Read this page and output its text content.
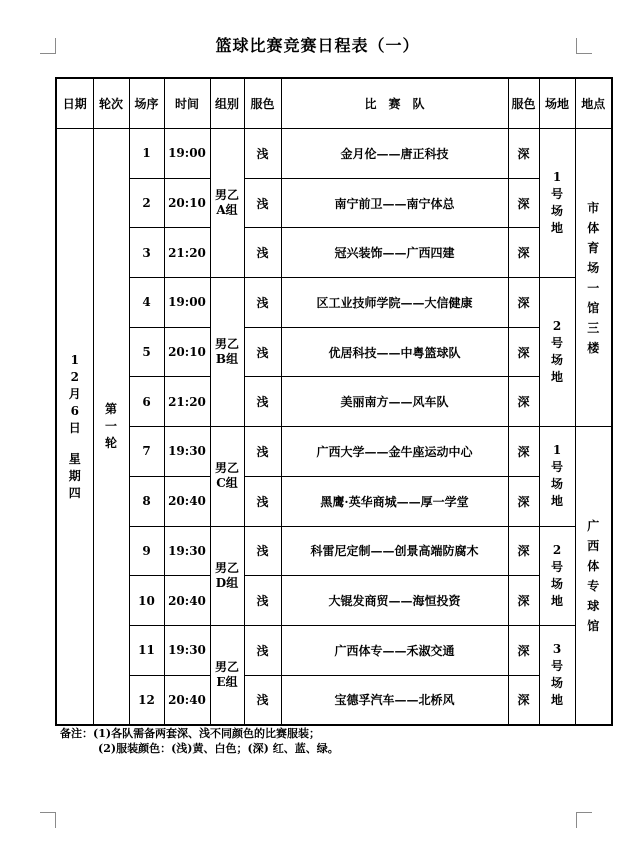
篮球比赛竞赛日程表（一）
日期	轮次	场序	时间	组别	服色	比　赛　队	服色	场地	地点
12月6日

星期四	第一轮	1	19:00	男乙A组	浅	金月伦——唐正科技	深	1号场地	市体育场一馆三楼
		2	20:10		浅	南宁前卫——南宁体总	深		
		3	21:20		浅	冠兴装饰——广西四建	深		
		4	19:00	男乙B组	浅	区工业技师学院——大信健康	深	2号场地	
		5	20:10		浅	优居科技——中粤篮球队	深		
		6	21:20		浅	美丽南方——风车队	深		
		7	19:30	男乙C组	浅	广西大学——金牛座运动中心	深	1号场地	广西体专球馆
		8	20:40		浅	黑鹰·英华商城——厚一学堂	深		
		9	19:30	男乙D组	浅	科雷尼定制——创景高端防腐木	深	2号场地	
		10	20:40		浅	大锟发商贸——海恒投资	深		
		11	19:30	男乙E组	浅	广西体专——禾淑交通	深	3号场地	
		12	20:40		浅	宝德孚汽车——北桥风	深		
备注：(1)各队需备两套深、浅不同颜色的比赛服装；
(2)服装颜色：(浅)黄、白色；(深) 红、蓝、绿。
